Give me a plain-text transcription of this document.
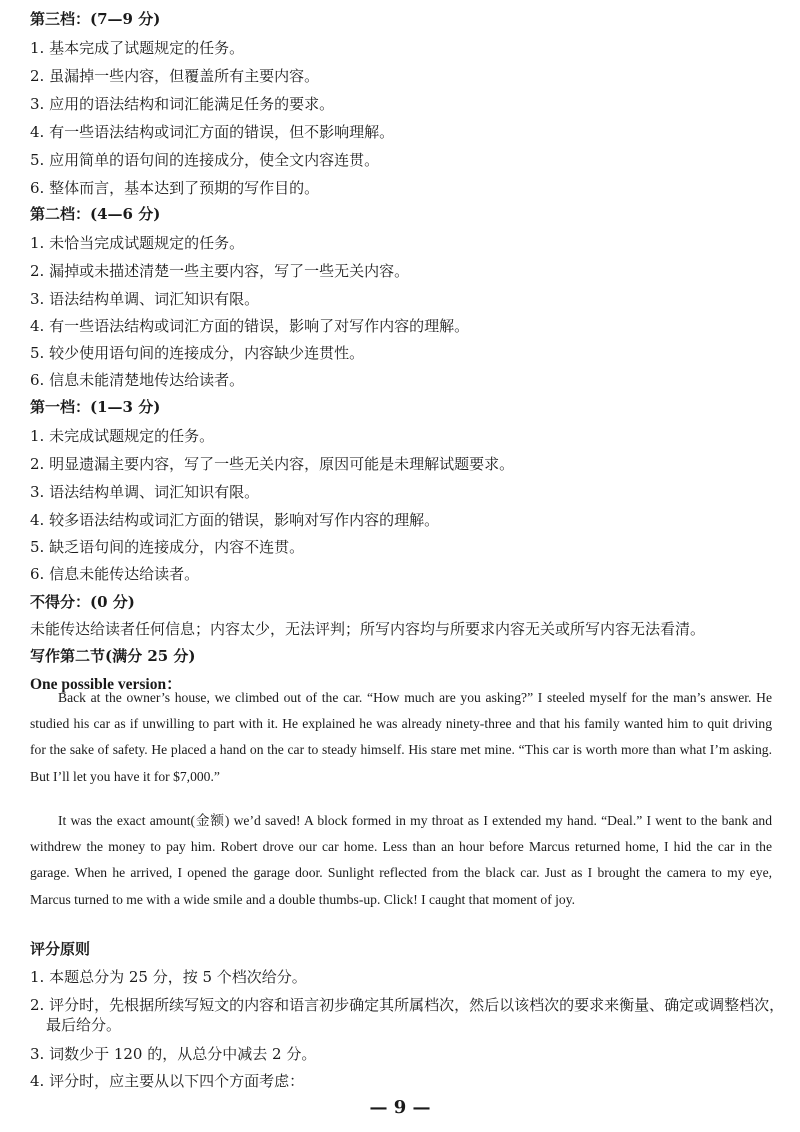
第三档：(7—9 分)
1. 基本完成了试题规定的任务。
2. 虽漏掉一些内容，但覆盖所有主要内容。
3. 应用的语法结构和词汇能满足任务的要求。
4. 有一些语法结构或词汇方面的错误，但不影响理解。
5. 应用简单的语句间的连接成分，使全文内容连贯。
6. 整体而言，基本达到了预期的写作目的。
第二档：(4—6 分)
1. 未恰当完成试题规定的任务。
2. 漏掉或未描述清楚一些主要内容，写了一些无关内容。
3. 语法结构单调、词汇知识有限。
4. 有一些语法结构或词汇方面的错误，影响了对写作内容的理解。
5. 较少使用语句间的连接成分，内容缺少连贯性。
6. 信息未能清楚地传达给读者。
第一档：(1—3 分)
1. 未完成试题规定的任务。
2. 明显遗漏主要内容，写了一些无关内容，原因可能是未理解试题要求。
3. 语法结构单调、词汇知识有限。
4. 较多语法结构或词汇方面的错误，影响对写作内容的理解。
5. 缺乏语句间的连接成分，内容不连贯。
6. 信息未能传达给读者。
不得分：(0 分)
未能传达给读者任何信息；内容太少，无法评判；所写内容均与所要求内容无关或所写内容无法看清。
写作第二节(满分 25 分)
One possible version：

Back at the owner’s house, we climbed out of the car. “How much are you asking?” I steeled myself for the man’s answer. He studied his car as if unwilling to part with it. He explained he was already ninety-three and that his family wanted him to quit driving for the sake of safety. He placed a hand on the car to steady himself. His stare met mine. “This car is worth more than what I’m asking. But I’ll let you have it for $7,000.”

It was the exact amount(金额) we’d saved! A block formed in my throat as I extended my hand. “Deal.” I went to the bank and withdrew the money to pay him. Robert drove our car home. Less than an hour before Marcus returned home, I hid the car in the garage. When he arrived, I opened the garage door. Sunlight reflected from the black car. Just as I brought the camera to my eye, Marcus turned to me with a wide smile and a double thumbs-up. Click! I caught that moment of joy.

评分原则
1. 本题总分为 25 分，按 5 个档次给分。
2. 评分时，先根据所续写短文的内容和语言初步确定其所属档次，然后以该档次的要求来衡量、确定或调整档次，最后给分。
3. 词数少于 120 的，从总分中减去 2 分。
4. 评分时，应主要从以下四个方面考虑：
— 9 —
